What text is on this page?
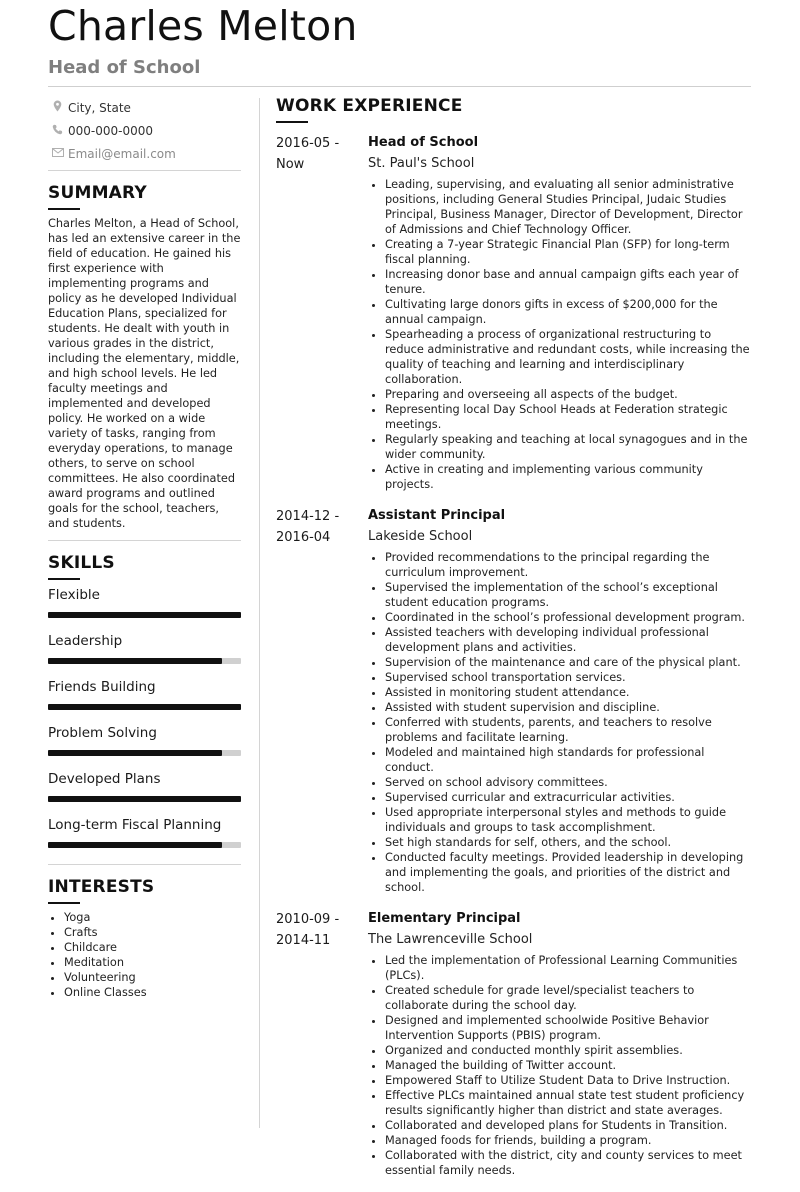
Charles Melton
Head of School
City, State
000-000-0000
Email@email.com
SUMMARY
Charles Melton, a Head of School, has led an extensive career in the field of education. He gained his first experience with implementing programs and policy as he developed Individual Education Plans, specialized for students. He dealt with youth in various grades in the district, including the elementary, middle, and high school levels. He led faculty meetings and implemented and developed policy. He worked on a wide variety of tasks, ranging from everyday operations, to manage others, to serve on school committees. He also coordinated award programs and outlined goals for the school, teachers, and students.
SKILLS
Flexible
Leadership
Friends Building
Problem Solving
Developed Plans
Long-term Fiscal Planning
INTERESTS
• Yoga
• Crafts
• Childcare
• Meditation
• Volunteering
• Online Classes
WORK EXPERIENCE
2016-05 -
Now
Head of School
St. Paul's School
• Leading, supervising, and evaluating all senior administrative positions, including General Studies Principal, Judaic Studies Principal, Business Manager, Director of Development, Director of Admissions and Chief Technology Officer.
• Creating a 7-year Strategic Financial Plan (SFP) for long-term fiscal planning.
• Increasing donor base and annual campaign gifts each year of tenure.
• Cultivating large donors gifts in excess of $200,000 for the annual campaign.
• Spearheading a process of organizational restructuring to reduce administrative and redundant costs, while increasing the quality of teaching and learning and interdisciplinary collaboration.
• Preparing and overseeing all aspects of the budget.
• Representing local Day School Heads at Federation strategic meetings.
• Regularly speaking and teaching at local synagogues and in the wider community.
• Active in creating and implementing various community projects.
2014-12 -
2016-04
Assistant Principal
Lakeside School
• Provided recommendations to the principal regarding the curriculum improvement.
• Supervised the implementation of the school’s exceptional student education programs.
• Coordinated in the school’s professional development program.
• Assisted teachers with developing individual professional development plans and activities.
• Supervision of the maintenance and care of the physical plant.
• Supervised school transportation services.
• Assisted in monitoring student attendance.
• Assisted with student supervision and discipline.
• Conferred with students, parents, and teachers to resolve problems and facilitate learning.
• Modeled and maintained high standards for professional conduct.
• Served on school advisory committees.
• Supervised curricular and extracurricular activities.
• Used appropriate interpersonal styles and methods to guide individuals and groups to task accomplishment.
• Set high standards for self, others, and the school.
• Conducted faculty meetings. Provided leadership in developing and implementing the goals, and priorities of the district and school.
2010-09 -
2014-11
Elementary Principal
The Lawrenceville School
• Led the implementation of Professional Learning Communities (PLCs).
• Created schedule for grade level/specialist teachers to collaborate during the school day.
• Designed and implemented schoolwide Positive Behavior Intervention Supports (PBIS) program.
• Organized and conducted monthly spirit assemblies.
• Managed the building of Twitter account.
• Empowered Staff to Utilize Student Data to Drive Instruction.
• Effective PLCs maintained annual state test student proficiency results significantly higher than district and state averages.
• Collaborated and developed plans for Students in Transition.
• Managed foods for friends, building a program.
• Collaborated with the district, city and county services to meet essential family needs.
